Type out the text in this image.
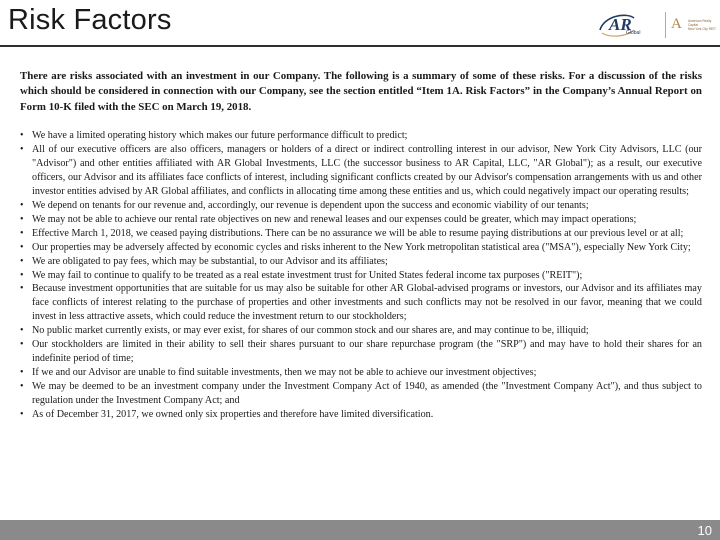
Risk Factors	AR
Global
A	American Realty Capital
New York City REIT

There are risks associated with an investment in our Company. The following is a summary of some of these risks. For a discussion of the risks which should be considered in connection with our Company, see the section entitled “Item 1A. Risk Factors” in the Company’s Annual Report on Form 10-K filed with the SEC on March 19, 2018.

• We have a limited operating history which makes our future performance difficult to predict;
• All of our executive officers are also officers, managers or holders of a direct or indirect controlling interest in our advisor, New York City Advisors, LLC (our "Advisor") and other entities affiliated with AR Global Investments, LLC (the successor business to AR Capital, LLC, "AR Global"); as a result, our executive officers, our Advisor and its affiliates face conflicts of interest, including significant conflicts created by our Advisor's compensation arrangements with us and other investor entities advised by AR Global affiliates, and conflicts in allocating time among these entities and us, which could negatively impact our operating results;
• We depend on tenants for our revenue and, accordingly, our revenue is dependent upon the success and economic viability of our tenants;
• We may not be able to achieve our rental rate objectives on new and renewal leases and our expenses could be greater, which may impact operations;
• Effective March 1, 2018, we ceased paying distributions. There can be no assurance we will be able to resume paying distributions at our previous level or at all;
• Our properties may be adversely affected by economic cycles and risks inherent to the New York metropolitan statistical area ("MSA"), especially New York City;
• We are obligated to pay fees, which may be substantial, to our Advisor and its affiliates;
• We may fail to continue to qualify to be treated as a real estate investment trust for United States federal income tax purposes ("REIT");
• Because investment opportunities that are suitable for us may also be suitable for other AR Global-advised programs or investors, our Advisor and its affiliates may face conflicts of interest relating to the purchase of properties and other investments and such conflicts may not be resolved in our favor, meaning that we could invest in less attractive assets, which could reduce the investment return to our stockholders;
• No public market currently exists, or may ever exist, for shares of our common stock and our shares are, and may continue to be, illiquid;
• Our stockholders are limited in their ability to sell their shares pursuant to our share repurchase program (the "SRP") and may have to hold their shares for an indefinite period of time;
• If we and our Advisor are unable to find suitable investments, then we may not be able to achieve our investment objectives;
• We may be deemed to be an investment company under the Investment Company Act of 1940, as amended (the "Investment Company Act"), and thus subject to regulation under the Investment Company Act; and
• As of December 31, 2017, we owned only six properties and therefore have limited diversification.
10
